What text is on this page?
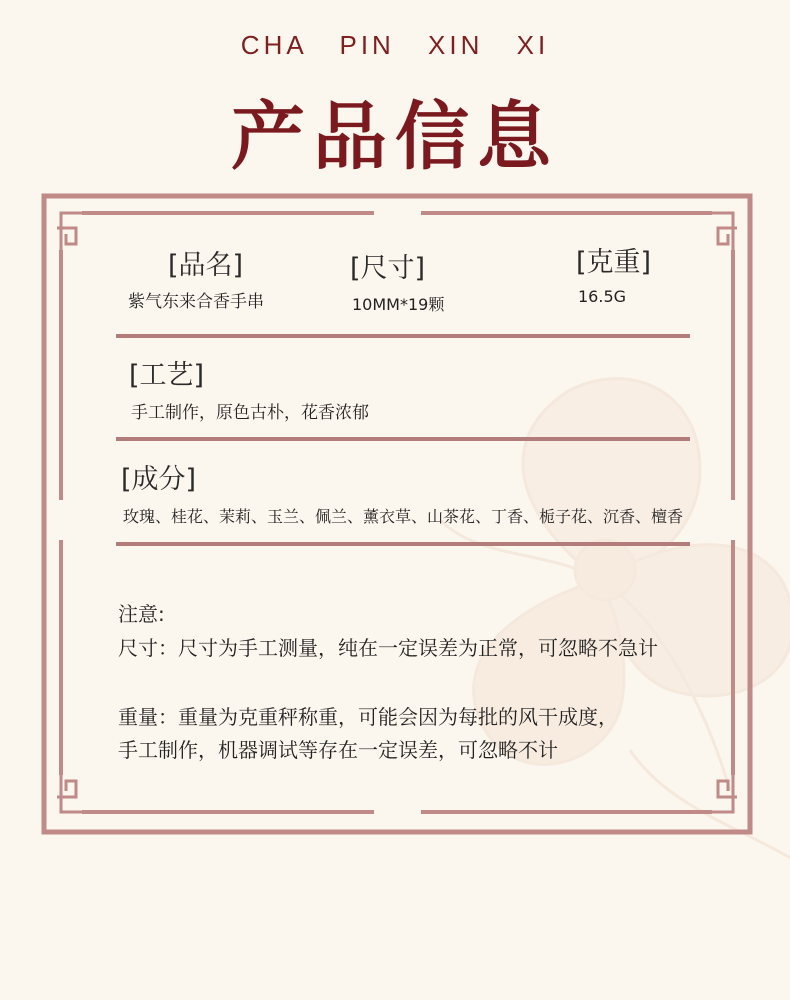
CHA PIN XIN XI
产品信息
[品名]
紫气东来合香手串
[尺寸]
10MM*19颗
[克重]
16.5G
[工艺]
手工制作，原色古朴，花香浓郁
[成分]
玫瑰、桂花、茉莉、玉兰、佩兰、薰衣草、山茶花、丁香、栀子花、沉香、檀香
注意:
尺寸：尺寸为手工测量，纯在一定误差为正常，可忽略不急计
重量：重量为克重秤称重，可能会因为每批的风干成度，
手工制作，机器调试等存在一定误差，可忽略不计
